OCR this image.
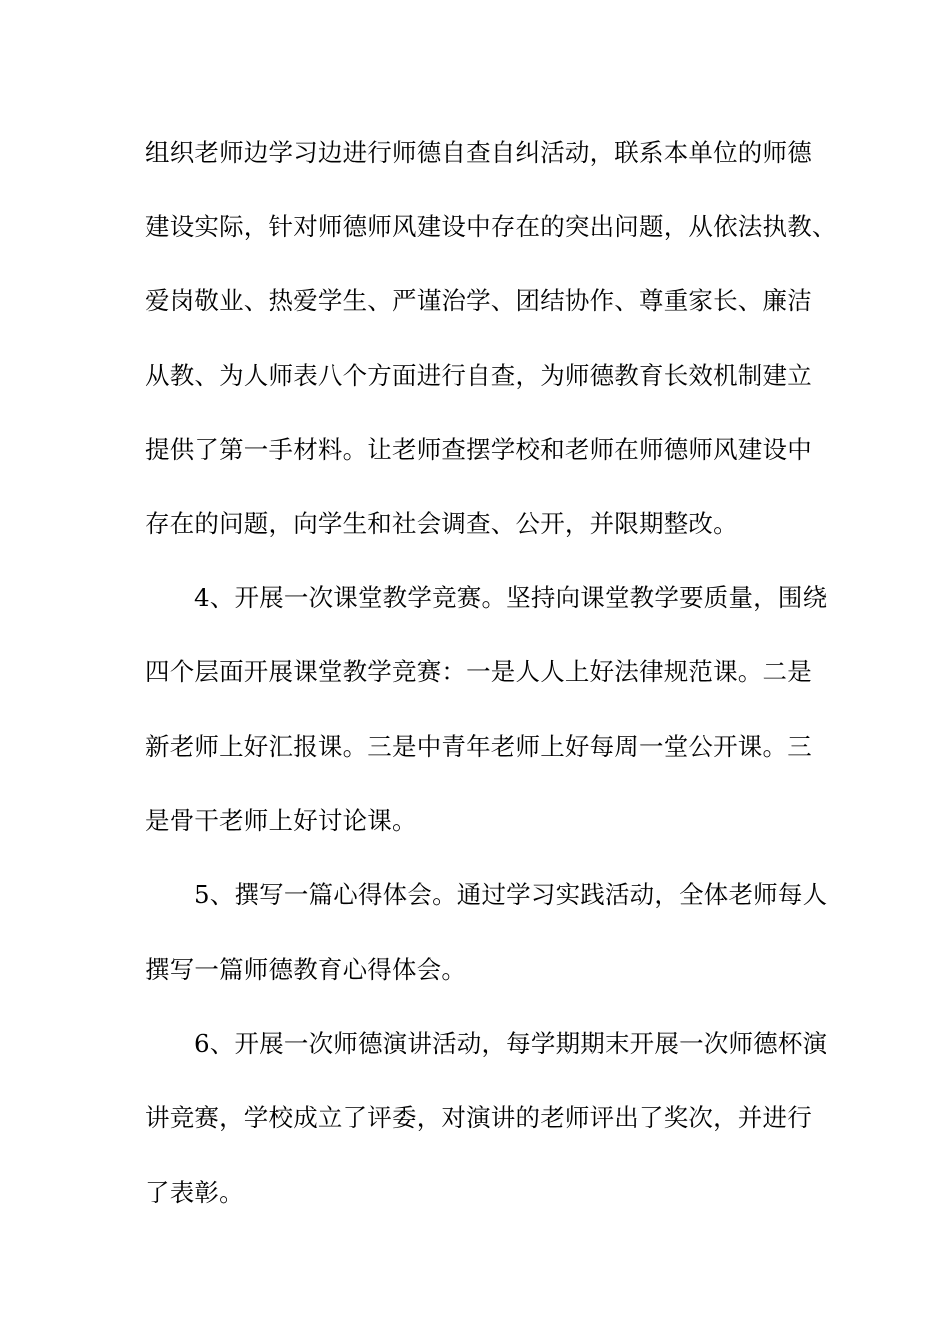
组织老师边学习边进行师德自查自纠活动，联系本单位的师德
建设实际，针对师德师风建设中存在的突出问题，从依法执教、
爱岗敬业、热爱学生、严谨治学、团结协作、尊重家长、廉洁
从教、为人师表八个方面进行自查，为师德教育长效机制建立
提供了第一手材料。让老师查摆学校和老师在师德师风建设中
存在的问题，向学生和社会调查、公开，并限期整改。
4、开展一次课堂教学竞赛。坚持向课堂教学要质量，围绕
四个层面开展课堂教学竞赛：一是人人上好法律规范课。二是
新老师上好汇报课。三是中青年老师上好每周一堂公开课。三
是骨干老师上好讨论课。
5、撰写一篇心得体会。通过学习实践活动，全体老师每人
撰写一篇师德教育心得体会。
6、开展一次师德演讲活动，每学期期末开展一次师德杯演
讲竞赛，学校成立了评委，对演讲的老师评出了奖次，并进行
了表彰。
